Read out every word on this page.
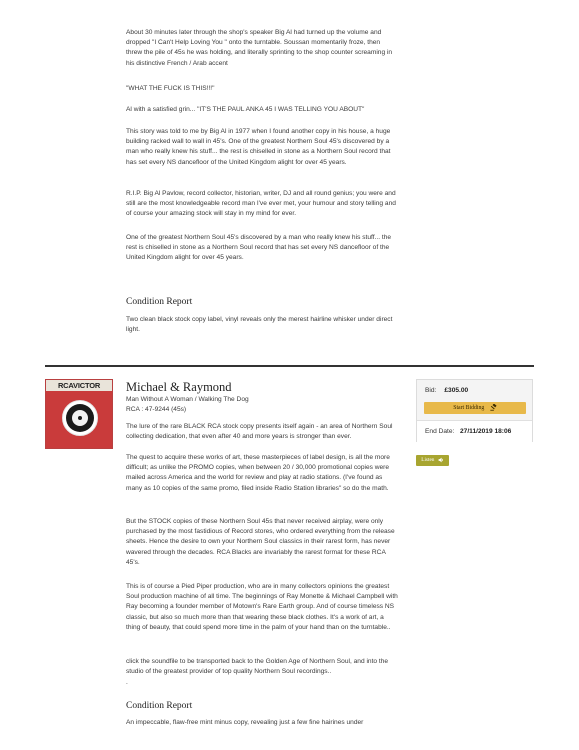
About 30 minutes later through the shop's speaker Big Al had turned up the volume and dropped "I Can't Help Loving You " onto the turntable. Soussan momentarily froze, then threw the pile of 45s he was holding, and literally sprinting to the shop counter screaming in his distinctive French / Arab accent

"WHAT THE FUCK IS THIS!!!"

Al with a satisfied grin... "IT'S THE PAUL ANKA 45 I WAS TELLING YOU ABOUT"

This story was told to me by Big Al in 1977 when I found another copy in his house, a huge building racked wall to wall in 45's. One of the greatest Northern Soul 45's discovered by a man who really knew his stuff... the rest is chiselled in stone as a Northern Soul record that has set every NS dancefloor of the United Kingdom alight for over 45 years.

R.I.P. Big Al Pavlow, record collector, historian, writer, DJ and all round genius; you were and still are the most knowledgeable record man I've ever met, your humour and story telling and of course your amazing stock will stay in my mind for ever.

One of the greatest Northern Soul 45's discovered by a man who really knew his stuff... the rest is chiselled in stone as a Northern Soul record that has set every NS dancefloor of the United Kingdom alight for over 45 years.

Condition Report

Two clean black stock copy label, vinyl reveals only the merest hairline whisker under direct light.

RCAVICTOR	Michael & Raymond
Man Without A Woman / Walking The Dog
RCA : 47-9244 (45s)

The lure of the rare BLACK RCA stock copy presents itself again - an area of Northern Soul collecting dedication, that even after 40 and more years is stronger than ever.

The quest to acquire these works of art, these masterpieces of label design, is all the more difficult; as unlike the PROMO copies, when between 20 / 30,000 promotional copies were mailed across America and the world for review and play at radio stations. (I've found as many as 10 copies of the same promo, filed inside Radio Station libraries" so do the math.

But the STOCK copies of these Northern Soul 45s that never received airplay, were only purchased by the most fastidious of Record stores, who ordered everything from the release sheets. Hence the desire to own your Northern Soul classics in their rarest form, has never wavered through the decades. RCA Blacks are invariably the rarest format for these RCA 45's.

This is of course a Pied Piper production, who are in many collectors opinions the greatest Soul production machine of all time. The beginnings of Ray Monette & Michael Campbell with Ray becoming a founder member of Motown's Rare Earth group. And of course timeless NS classic, but also so much more than that wearing these black clothes. It's a work of art, a thing of beauty, that could spend more time in the palm of your hand than on the turntable..

click the soundfile to be transported back to the Golden Age of Northern Soul, and into the studio of the greatest provider of top quality Northern Soul recordings..

.

Condition Report

An impeccable, flaw-free mint minus copy, revealing just a few fine hairines under

Bid: £305.00
Start Bidding
End Date: 27/11/2019 18:06
Listen
